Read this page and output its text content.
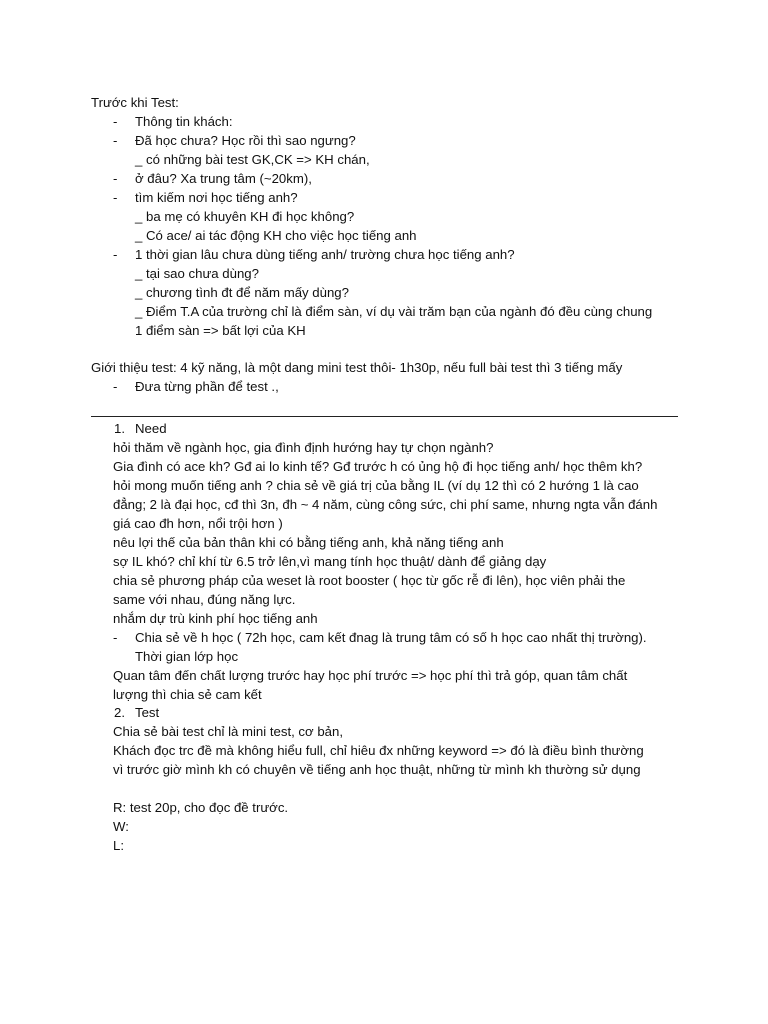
Trước khi Test:
- Thông tin khách:
- Đã học chưa? Học rồi thì sao ngưng?
_ có những bài test GK,CK => KH chán,
- ở đâu? Xa trung tâm (~20km),
- tìm kiếm nơi học tiếng anh?
_ ba mẹ có khuyên KH đi học không?
_ Có ace/ ai tác động KH cho việc học tiếng anh
- 1 thời gian lâu chưa dùng tiếng anh/ trường chưa học tiếng anh?
_ tại sao chưa dùng?
_ chương tình đt để năm mấy dùng?
_ Điểm T.A của trường chỉ là điểm sàn, ví dụ vài trăm bạn của ngành đó đều cùng chung
1 điểm sàn => bất lợi của KH
Giới thiệu test: 4 kỹ năng, là một dang mini test thôi- 1h30p, nếu full bài test thì 3 tiếng mấy
- Đưa từng phần để test .,
1. Need
hỏi thăm về ngành học, gia đình định hướng hay tự chọn ngành?
Gia đình có ace kh? Gđ ai lo kinh tế? Gđ trước h có ủng hộ đi học tiếng anh/ học thêm kh?
hỏi mong muốn tiếng anh ? chia sẻ về giá trị của bằng IL (ví dụ 12 thì có 2 hướng 1 là cao
đẳng; 2 là đại học, cđ thì 3n, đh ~ 4 năm, cùng công sức, chi phí same, nhưng ngta vẫn đánh
giá cao đh hơn, nổi trội hơn )
nêu lợi thế của bản thân khi có bằng tiếng anh, khả năng tiếng anh
sợ IL khó? chỉ khí từ 6.5 trở lên,vì mang tính học thuật/ dành để giảng dạy
chia sẻ phương pháp của weset là root booster ( học từ gốc rễ đi lên), học viên phải the
same với nhau, đúng năng lực.
nhắm dự trù kinh phí học tiếng anh
- Chia sẻ về h học ( 72h học, cam kết đnag là trung tâm có số h học cao nhất thị trường).
Thời gian lớp học
Quan tâm đến chất lượng trước hay học phí trước => học phí thì trả góp, quan tâm chất
lượng thì chia sẻ cam kết
2. Test
Chia sẻ bài test chỉ là mini test, cơ bản,
Khách đọc trc đề mà không hiểu full, chỉ hiêu đx những keyword => đó là điều bình thường
vì trước giờ mình kh có chuyên về tiếng anh học thuật, những từ mình kh thường sử dụng
R: test 20p, cho đọc đề trước.
W:
L:
